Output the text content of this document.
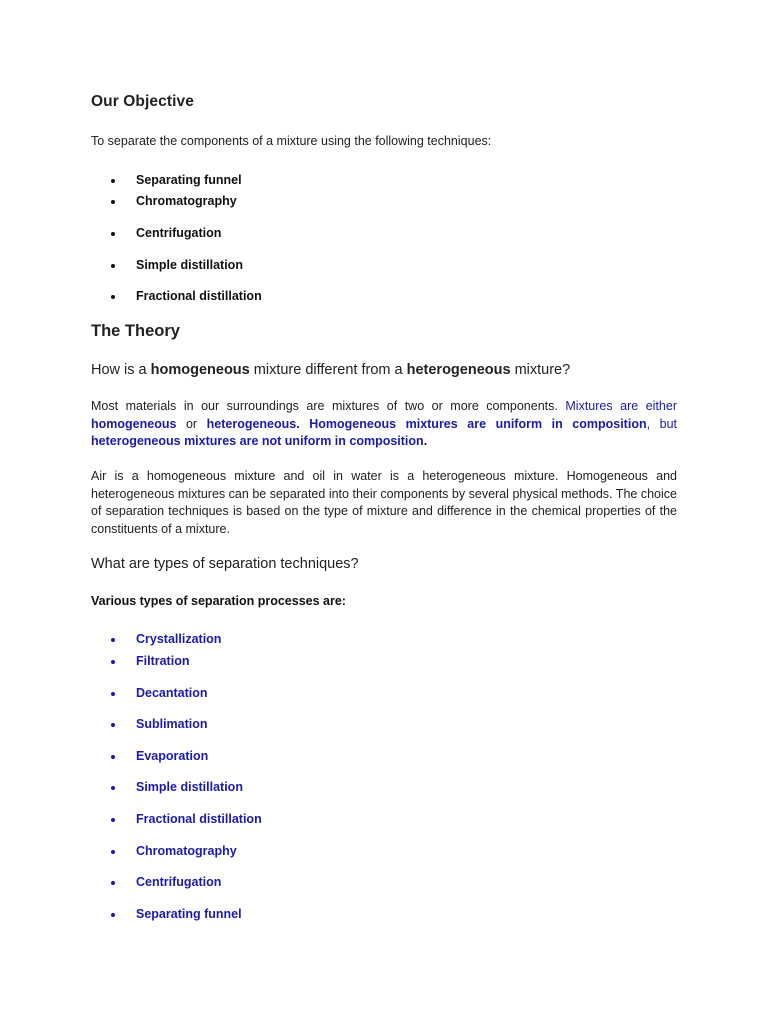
Our Objective

To separate the components of a mixture using the following techniques:

Separating funnel
Chromatography
Centrifugation
Simple distillation
Fractional distillation
The Theory

How is a homogeneous mixture different from a heterogeneous mixture?

Most materials in our surroundings are mixtures of two or more components. Mixtures are either homogeneous or heterogeneous. Homogeneous mixtures are uniform in composition, but heterogeneous mixtures are not uniform in composition.

Air is a homogeneous mixture and oil in water is a heterogeneous mixture. Homogeneous and heterogeneous mixtures can be separated into their components by several physical methods. The choice of separation techniques is based on the type of mixture and difference in the chemical properties of the constituents of a mixture.

What are types of separation techniques?

Various types of separation processes are:

Crystallization
Filtration
Decantation
Sublimation
Evaporation
Simple distillation
Fractional distillation
Chromatography
Centrifugation
Separating funnel
